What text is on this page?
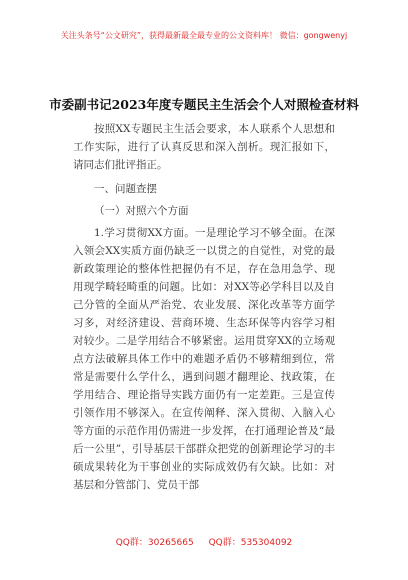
关注头条号“公文研究”，获得最新最全最专业的公文资料库！ 微信：gongwenyj
市委副书记2023年度专题民主生活会个人对照检查材料

按照XX专题民主生活会要求，本人联系个人思想和工作实际，进行了认真反思和深入剖析。现汇报如下，请同志们批评指正。

一、问题查摆

（一）对照六个方面

1.学习贯彻XX方面。一是理论学习不够全面。在深入领会XX实质方面仍缺乏一以贯之的自觉性，对党的最新政策理论的整体性把握仍有不足，存在急用急学、现用现学畸轻畸重的问题。比如：对XX等必学科目以及自己分管的全面从严治党、农业发展、深化改革等方面学习多，对经济建设、营商环境、生态环保等内容学习相对较少。二是学用结合不够紧密。运用贯穿XX的立场观点方法破解具体工作中的难题矛盾仍不够精细到位，常常是需要什么学什么，遇到问题才翻理论、找政策，在学用结合、理论指导实践方面仍有一定差距。三是宣传引领作用不够深入。在宣传阐释、深入贯彻、入脑入心等方面的示范作用仍需进一步发挥，在打通理论普及“最后一公里”，引导基层干部群众把党的创新理论学习的丰硕成果转化为干事创业的实际成效仍有欠缺。比如：对基层和分管部门、党员干部

QQ群：30265665 QQ群：535304092
